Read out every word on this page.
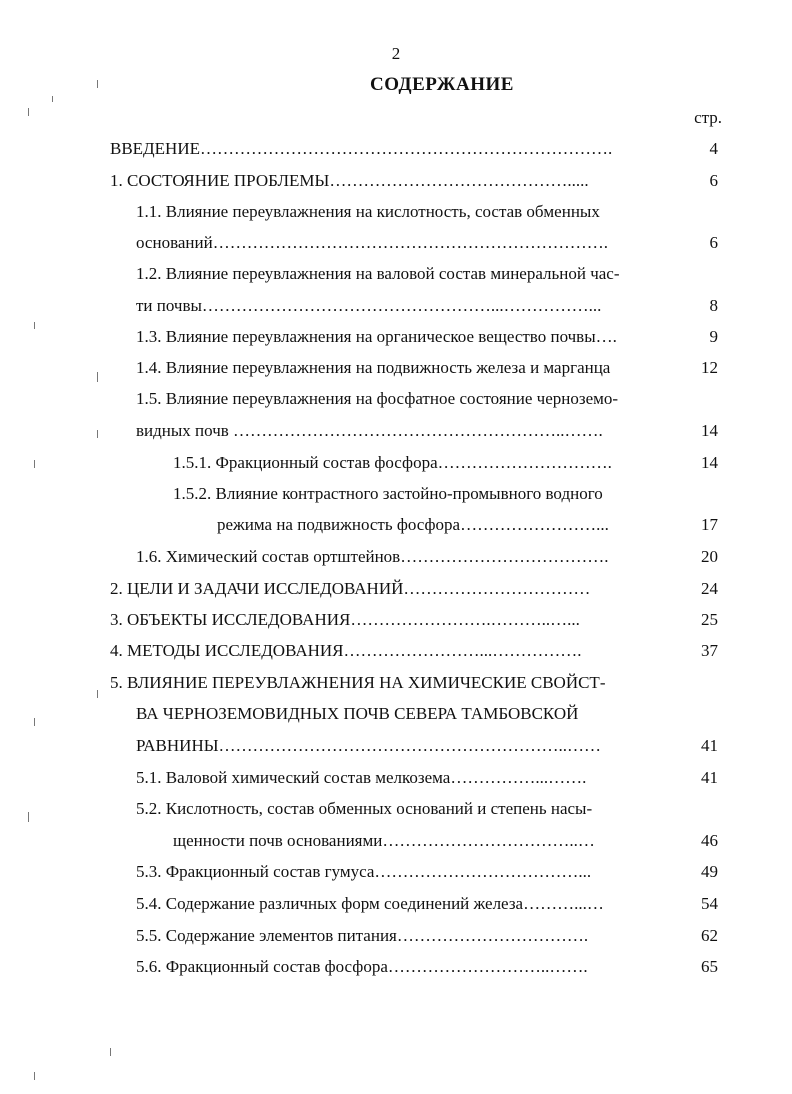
2
СОДЕРЖАНИЕ
стр.
ВВЕДЕНИЕ……………………………………………………………….	4
1. СОСТОЯНИЕ ПРОБЛЕМЫ…………………………………….....	6
1.1. Влияние переувлажнения на кислотность, состав обменных
оснований…………………………………………………………….	6
1.2. Влияние переувлажнения на валовой состав минеральной час-
ти почвы……………………………………………...……………...	8
1.3. Влияние переувлажнения на органическое вещество почвы….	9
1.4. Влияние переувлажнения на подвижность железа и марганца	12
1.5. Влияние переувлажнения на фосфатное состояние черноземо-
видных почв …………………………………………………..…….	14
1.5.1. Фракционный состав фосфора………………………….	14
1.5.2. Влияние контрастного застойно-промывного водного
режима на подвижность фосфора……………………...	17
1.6. Химический состав ортштейнов……………………………….	20
2. ЦЕЛИ И ЗАДАЧИ ИССЛЕДОВАНИЙ……………………………	24
3. ОБЪЕКТЫ ИССЛЕДОВАНИЯ…………………….………..…...	25
4. МЕТОДЫ ИССЛЕДОВАНИЯ……………………...…………….	37
5. ВЛИЯНИЕ ПЕРЕУВЛАЖНЕНИЯ НА ХИМИЧЕСКИЕ СВОЙСТ-
ВА ЧЕРНОЗЕМОВИДНЫХ ПОЧВ СЕВЕРА ТАМБОВСКОЙ
РАВНИНЫ……………………………………………………..……	41
5.1. Валовой химический состав мелкозема……………...…….	41
5.2. Кислотность, состав обменных оснований и степень насы-
щенности почв основаниями……………………………..…	46
5.3. Фракционный состав гумуса………………………………...	49
5.4. Содержание различных форм соединений железа………...…	54
5.5. Содержание элементов питания…………………………….	62
5.6. Фракционный состав фосфора………………………..…….	65
